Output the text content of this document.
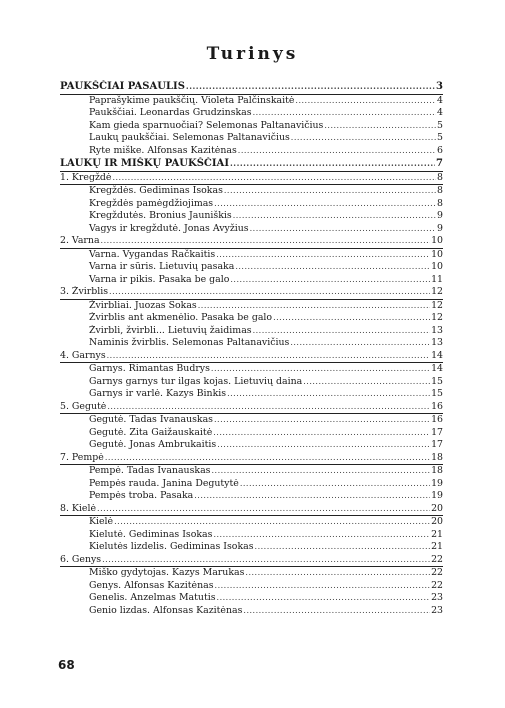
Turinys
PAUKŠČIAI PASAULIS .....	3
Paprašykime paukščių. Violeta Palčinskaitė .....	4
Paukščiai. Leonardas Grudzinskas .....	4
Kam gieda sparnuočiai? Selemonas Paltanavičius .....	5
Laukų paukščiai. Selemonas Paltanavičius .....	5
Ryte miške. Alfonsas Kazitėnas .....	6
LAUKŲ IR MIŠKŲ PAUKŠČIAI .....	7
1. Kregždė .....	8
Kregždės. Gediminas Isokas .....	8
Kregždės pamėgdžiojimas .....	8
Kregždutės. Bronius Jauniškis .....	9
Vagys ir kregždutė. Jonas Avyžius .....	9
2. Varna .....	10
Varna. Vygandas Račkaitis .....	10
Varna ir sūris. Lietuvių pasaka .....	10
Varna ir pikis. Pasaka be galo .....	11
3. Žvirblis .....	12
Žvirbliai. Juozas Sokas .....	12
Žvirblis ant akmenėlio. Pasaka be galo .....	12
Žvirbli, žvirbli... Lietuvių žaidimas .....	13
Naminis žvirblis. Selemonas Paltanavičius .....	13
4. Garnys .....	14
Garnys. Rimantas Budrys .....	14
Garnys garnys tur ilgas kojas. Lietuvių daina .....	15
Garnys ir varlė. Kazys Binkis .....	15
5. Gegutė .....	16
Gegutė. Tadas Ivanauskas .....	16
Gegutė. Zita Gaižauskaitė .....	17
Gegutė. Jonas Ambrukaitis .....	17
7. Pempė .....	18
Pempė. Tadas Ivanauskas .....	18
Pempės rauda. Janina Degutytė .....	19
Pempės troba. Pasaka .....	19
8. Kielė .....	20
Kielė .....	20
Kielutė. Gediminas Isokas .....	21
Kielutės lizdelis. Gediminas Isokas .....	21
6. Genys .....	22
Miško gydytojas. Kazys Marukas .....	22
Genys. Alfonsas Kazitėnas .....	22
Genelis. Anzelmas Matutis .....	23
Genio lizdas. Alfonsas Kazitėnas .....	23
68
